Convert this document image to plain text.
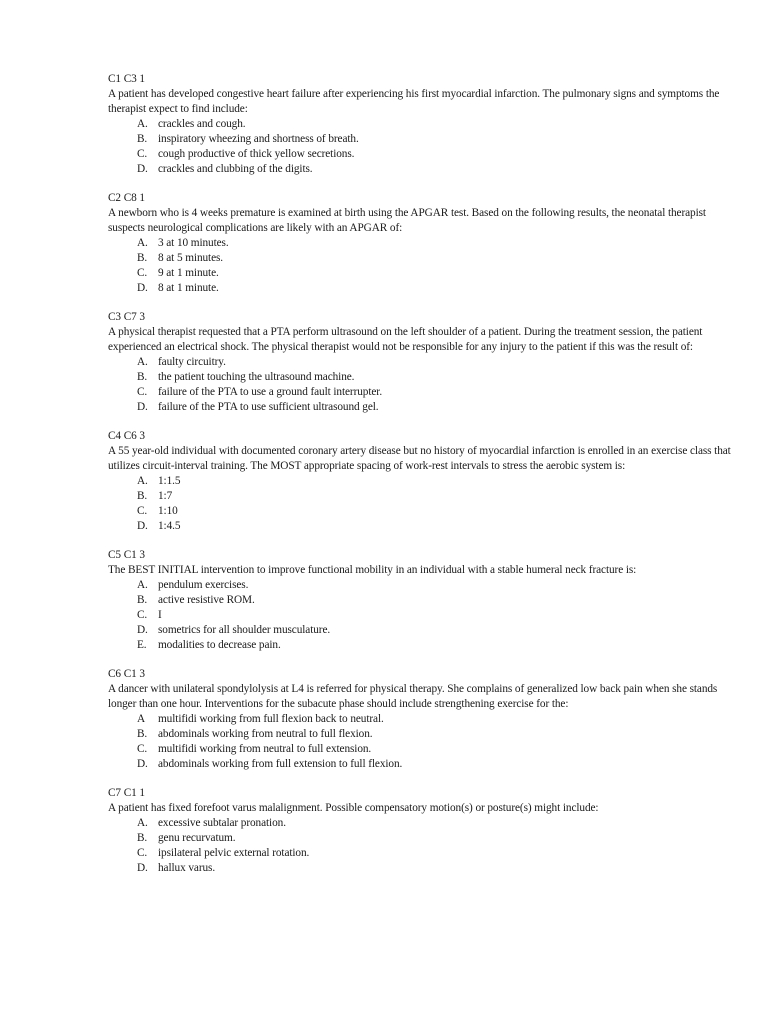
C1 C3 1
A patient has developed congestive heart failure after experiencing his first myocardial infarction. The pulmonary signs and symptoms the therapist expect to find include:
A. crackles and cough.
B. inspiratory wheezing and shortness of breath.
C. cough productive of thick yellow secretions.
D. crackles and clubbing of the digits.
C2 C8 1
A newborn who is 4 weeks premature is examined at birth using the APGAR test. Based on the following results, the neonatal therapist suspects neurological complications are likely with an APGAR of:
A. 3 at 10 minutes.
B. 8 at 5 minutes.
C. 9 at 1 minute.
D. 8 at 1 minute.
C3 C7 3
A physical therapist requested that a PTA perform ultrasound on the left shoulder of a patient. During the treatment session, the patient experienced an electrical shock. The physical therapist would not be responsible for any injury to the patient if this was the result of:
A. faulty circuitry.
B. the patient touching the ultrasound machine.
C. failure of the PTA to use a ground fault interrupter.
D. failure of the PTA to use sufficient ultrasound gel.
C4 C6 3
A 55 year-old individual with documented coronary artery disease but no history of myocardial infarction is enrolled in an exercise class that utilizes circuit-interval training. The MOST appropriate spacing of work-rest intervals to stress the aerobic system is:
A. 1:1.5
B. 1:7
C. 1:10
D. 1:4.5
C5 C1 3
The BEST INITIAL intervention to improve functional mobility in an individual with a stable humeral neck fracture is:
A. pendulum exercises.
B. active resistive ROM.
C. I
D. sometrics for all shoulder musculature.
E.	modalities to decrease pain.
C6 C1 3
A dancer with unilateral spondylolysis at L4 is referred for physical therapy. She complains of generalized low back pain when she stands longer than one hour. Interventions for the subacute phase should include strengthening exercise for the:
A	multifidi working from full flexion back to neutral.
B. abdominals working from neutral to full flexion.
C. multifidi working from neutral to full extension.
D. abdominals working from full extension to full flexion.
C7 C1 1
A patient has fixed forefoot varus malalignment. Possible compensatory motion(s) or posture(s) might include:
A. excessive subtalar pronation.
B. genu recurvatum.
C. ipsilateral pelvic external rotation.
D. hallux varus.
